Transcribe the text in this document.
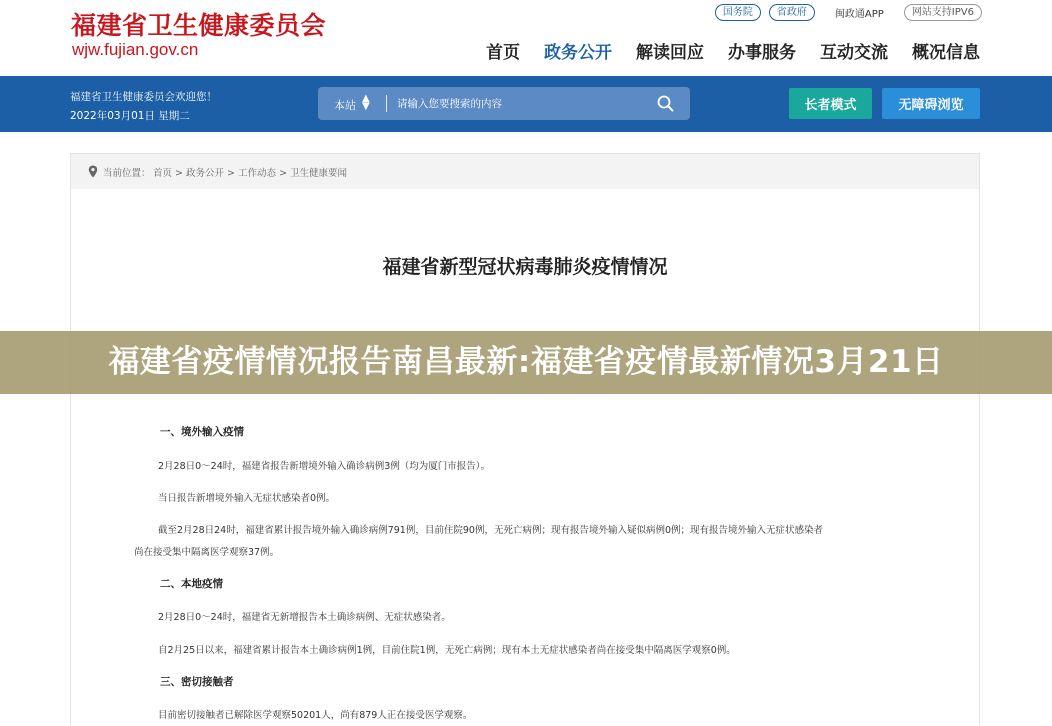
福建省卫生健康委员会
wjw.fujian.gov.cn
国务院	省政府	闽政通APP	网站支持IPV6
首页 政务公开 解读回应 办事服务 互动交流 概况信息
福建省卫生健康委员会欢迎您！
2022年03月01日 星期二
本站
▲
▼
请输入您要搜索的内容	长者模式	无障碍浏览
当前位置： 首页 > 政务公开 > 工作动态 > 卫生健康要闻
福建省新型冠状病毒肺炎疫情情况
一、境外输入疫情
2月28日0～24时，福建省报告新增境外输入确诊病例3例（均为厦门市报告）。
当日报告新增境外输入无症状感染者0例。
截至2月28日24时，福建省累计报告境外输入确诊病例791例，目前住院90例，无死亡病例；现有报告境外输入疑似病例0例；现有报告境外输入无症状感染者
尚在接受集中隔离医学观察37例。
二、本地疫情
2月28日0～24时，福建省无新增报告本土确诊病例、无症状感染者。
自2月25日以来，福建省累计报告本土确诊病例1例，目前住院1例，无死亡病例；现有本土无症状感染者尚在接受集中隔离医学观察0例。
三、密切接触者
目前密切接触者已解除医学观察50201人，尚有879人正在接受医学观察。
福建省疫情情况报告南昌最新:福建省疫情最新情况3月21日
